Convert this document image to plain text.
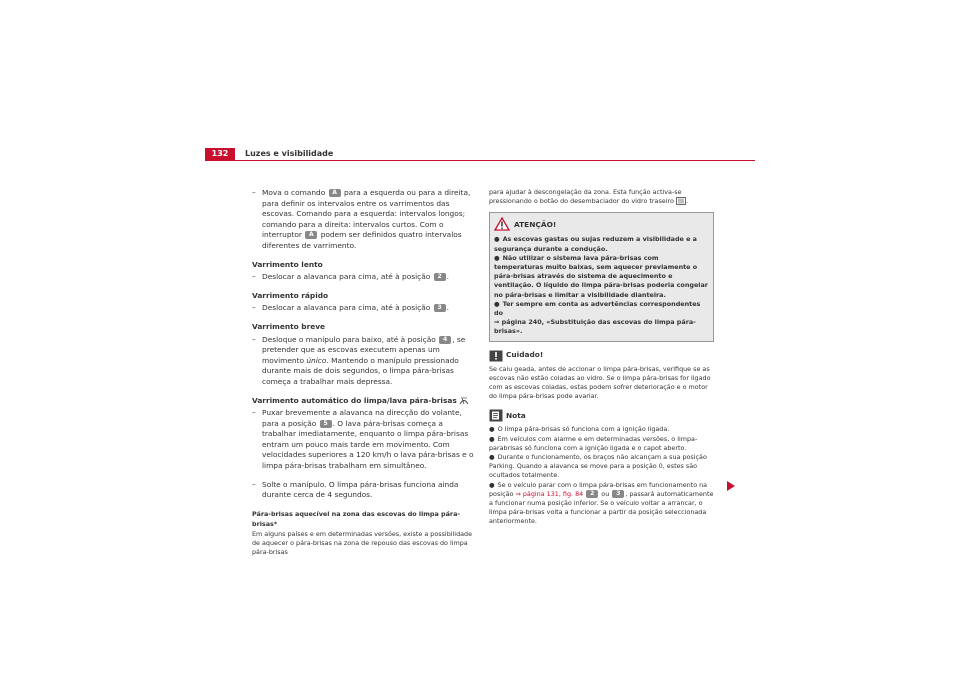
132	Luzes e visibilidade

– Mova o comando A para a esquerda ou para a direita, para definir os intervalos entre os varrimentos das escovas. Comando para a esquerda: intervalos longos; comando para a direita: intervalos curtos. Com o interruptor A podem ser definidos quatro intervalos diferentes de varrimento.

Varrimento lento

– Deslocar a alavanca para cima, até à posição 2 .

Varrimento rápido

– Deslocar a alavanca para cima, até à posição 3 .

Varrimento breve

– Desloque o manípulo para baixo, até à posição 4 , se pretender que as escovas executem apenas um movimento único. Mantendo o manípulo pressionado durante mais de dois segundos, o limpa pára-brisas começa a trabalhar mais depressa.

Varrimento automático do limpa/lava pára-brisas

– Puxar brevemente a alavanca na direcção do volante, para a posição 5 . O lava pára-brisas começa a trabalhar imediatamente, enquanto o limpa pára-brisas entram um pouco mais tarde em movimento. Com velocidades superiores a 120 km/h o lava pára-brisas e o limpa pára-brisas trabalham em simultâneo.

– Solte o manípulo. O limpa pára-brisas funciona ainda durante cerca de 4 segundos.

Pára-brisas aquecível na zona das escovas do limpa pára-brisas*

Em alguns países e em determinadas versões, existe a possibilidade de aquecer o pára-brisas na zona de repouso das escovas do limpa pára-brisas

para ajudar à descongelação da zona. Esta função activa-se pressionando o botão do desembaciador do vidro traseiro .

ATENÇÃO!

● As escovas gastas ou sujas reduzem a visibilidade e a segurança durante a condução.

● Não utilizar o sistema lava pára-brisas com temperaturas muito baixas, sem aquecer previamente o pára-brisas através do sistema de aquecimento e ventilação. O líquido do limpa pára-brisas poderia congelar no pára-brisas e limitar a visibilidade dianteira.

● Ter sempre em conta as advertências correspondentes do

⇒ página 240, «Substituição das escovas do limpa pára-brisas».

Cuidado!

Se caiu geada, antes de accionar o limpa pára-brisas, verifique se as escovas não estão coladas ao vidro. Se o limpa pára-brisas for ligado com as escovas coladas, estas podem sofrer deterioração e o motor do limpa pára-brisas pode avariar.

Nota

● O limpa pára-brisas só funciona com a ignição ligada.

● Em veículos com alarme e em determinadas versões, o limpa-parabrisas só funciona com a ignição ligada e o capot aberto.

● Durante o funcionamento, os braços não alcançam a sua posição Parking. Quando a alavanca se move para a posição 0, estes são ocultados totalmente.

● Se o veículo parar com o limpa pára-brisas em funcionamento na posição ⇒ página 131, fig. 84 2 ou 3 , passará automaticamente a funcionar numa posição inferior. Se o veículo voltar a arrancar, o limpa pára-brisas volta a funcionar a partir da posição seleccionada anteriormente.
